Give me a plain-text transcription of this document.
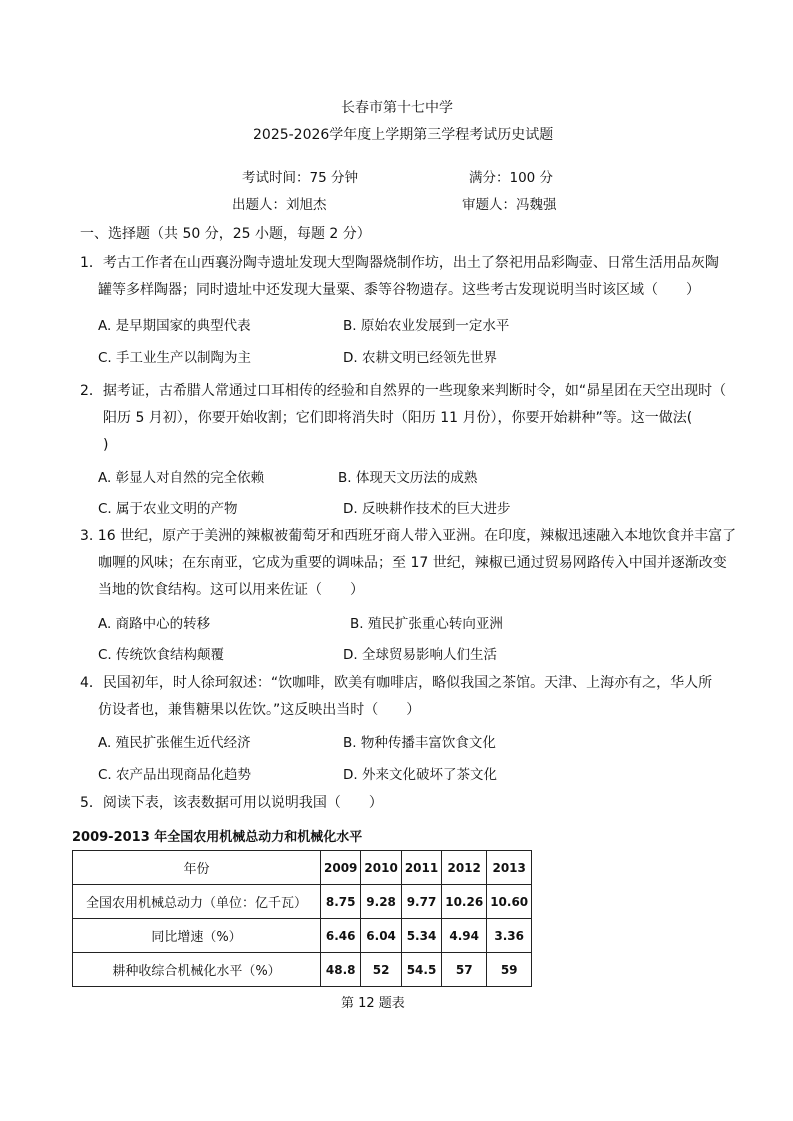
长春市第十七中学
2025-2026学年度上学期第三学程考试历史试题
考试时间：75 分钟	满分：100 分
出题人：刘旭杰	审题人：冯魏强
一、选择题（共 50 分，25 小题，每题 2 分）
1．考古工作者在山西襄汾陶寺遗址发现大型陶器烧制作坊，出土了祭祀用品彩陶壶、日常生活用品灰陶
罐等多样陶器；同时遗址中还发现大量粟、黍等谷物遗存。这些考古发现说明当时该区域（　　）
A. 是早期国家的典型代表	B. 原始农业发展到一定水平
C. 手工业生产以制陶为主	D. 农耕文明已经领先世界
2．据考证，古希腊人常通过口耳相传的经验和自然界的一些现象来判断时令，如“昴星团在天空出现时（
阳历 5 月初），你要开始收割；它们即将消失时（阳历 11 月份），你要开始耕种”等。这一做法(
)
A. 彰显人对自然的完全依赖	B. 体现天文历法的成熟
C. 属于农业文明的产物	D. 反映耕作技术的巨大进步
3. 16 世纪，原产于美洲的辣椒被葡萄牙和西班牙商人带入亚洲。在印度，辣椒迅速融入本地饮食并丰富了
咖喱的风味；在东南亚，它成为重要的调味品；至 17 世纪，辣椒已通过贸易网路传入中国并逐渐改变
当地的饮食结构。这可以用来佐证（　　）
A. 商路中心的转移	B. 殖民扩张重心转向亚洲
C. 传统饮食结构颠覆	D. 全球贸易影响人们生活
4．民国初年，时人徐珂叙述：“饮咖啡，欧美有咖啡店，略似我国之茶馆。天津、上海亦有之，华人所
仿设者也，兼售糖果以佐饮。”这反映出当时（　　）
A. 殖民扩张催生近代经济	B. 物种传播丰富饮食文化
C. 农产品出现商品化趋势	D. 外来文化破坏了茶文化
5．阅读下表，该表数据可用以说明我国（　　）
2009-2013 年全国农用机械总动力和机械化水平
年份	2009	2010	2011	2012	2013
全国农用机械总动力（单位：亿千瓦）	8.75	9.28	9.77	10.26	10.60
同比增速（%）	6.46	6.04	5.34	4.94	3.36
耕种收综合机械化水平（%）	48.8	52	54.5	57	59
第 12 题表
